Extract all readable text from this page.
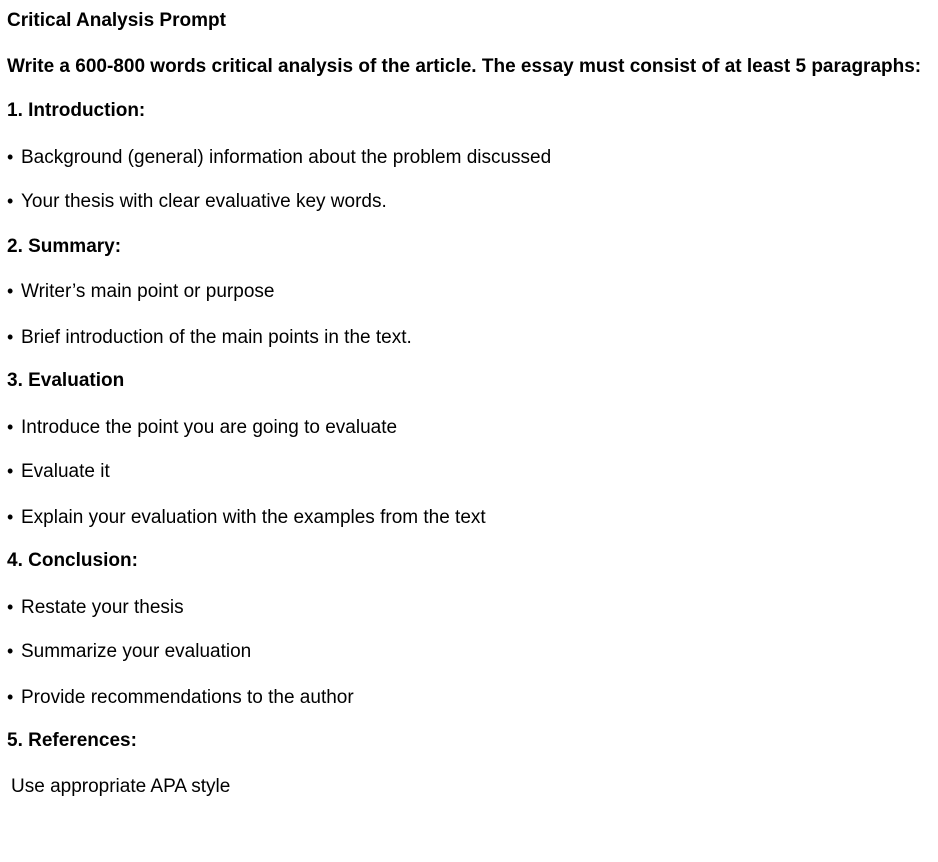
Critical Analysis Prompt
Write a 600-800 words critical analysis of the article. The essay must consist of at least 5 paragraphs:
1. Introduction:
• Background (general) information about the problem discussed
• Your thesis with clear evaluative key words.
2. Summary:
• Writer’s main point or purpose
• Brief introduction of the main points in the text.
3. Evaluation
• Introduce the point you are going to evaluate
• Evaluate it
• Explain your evaluation with the examples from the text
4. Conclusion:
• Restate your thesis
• Summarize your evaluation
• Provide recommendations to the author
5. References:
Use appropriate APA style
